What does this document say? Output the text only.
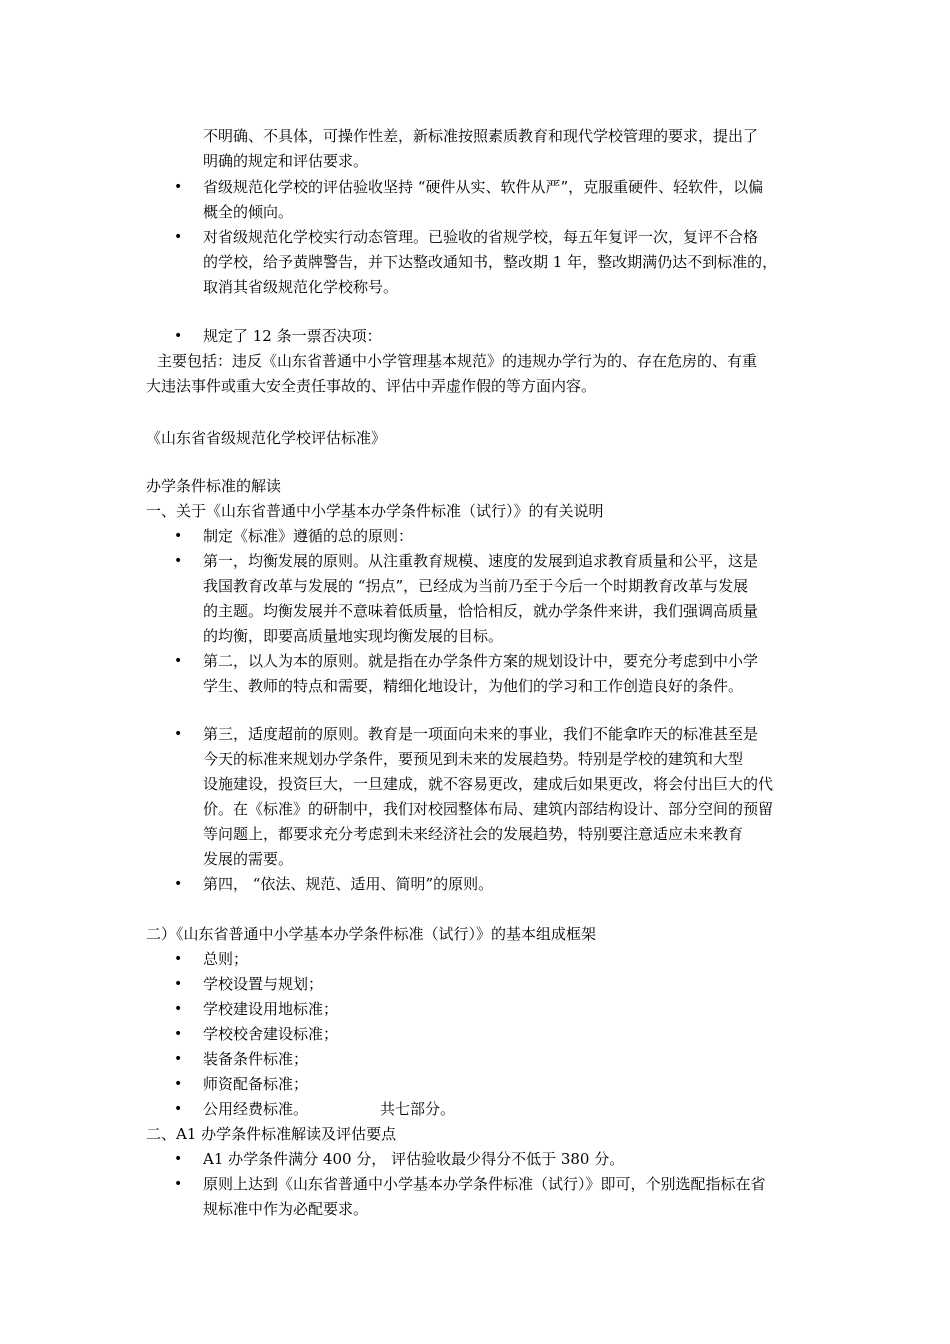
不明确、不具体，可操作性差，新标准按照素质教育和现代学校管理的要求，提出了
明确的规定和评估要求。
• 省级规范化学校的评估验收坚持 “硬件从实、软件从严”，克服重硬件、轻软件，以偏
概全的倾向。
• 对省级规范化学校实行动态管理。已验收的省规学校，每五年复评一次，复评不合格
的学校，给予黄牌警告，并下达整改通知书，整改期 1 年，整改期满仍达不到标准的，
取消其省级规范化学校称号。
• 规定了 12 条一票否决项：
主要包括：违反《山东省普通中小学管理基本规范》的违规办学行为的、存在危房的、有重
大违法事件或重大安全责任事故的、评估中弄虚作假的等方面内容。
《山东省省级规范化学校评估标准》
办学条件标准的解读
一、关于《山东省普通中小学基本办学条件标准（试行）》的有关说明
• 制定《标准》遵循的总的原则：
• 第一，均衡发展的原则。从注重教育规模、速度的发展到追求教育质量和公平，这是
我国教育改革与发展的 “拐点”，已经成为当前乃至于今后一个时期教育改革与发展
的主题。均衡发展并不意味着低质量，恰恰相反，就办学条件来讲，我们强调高质量
的均衡，即要高质量地实现均衡发展的目标。
• 第二，以人为本的原则。就是指在办学条件方案的规划设计中，要充分考虑到中小学
学生、教师的特点和需要，精细化地设计，为他们的学习和工作创造良好的条件。
• 第三，适度超前的原则。教育是一项面向未来的事业，我们不能拿昨天的标准甚至是
今天的标准来规划办学条件，要预见到未来的发展趋势。特别是学校的建筑和大型
设施建设，投资巨大，一旦建成，就不容易更改，建成后如果更改，将会付出巨大的代
价。在《标准》的研制中，我们对校园整体布局、建筑内部结构设计、部分空间的预留
等问题上，都要求充分考虑到未来经济社会的发展趋势，特别要注意适应未来教育
发展的需要。
• 第四， “依法、规范、适用、简明”的原则。
二）《山东省普通中小学基本办学条件标准（试行）》的基本组成框架
• 总则；
• 学校设置与规划；
• 学校建设用地标准；
• 学校校舍建设标准；
• 装备条件标准；
• 师资配备标准；
• 公用经费标准。	共七部分。
二、A1 办学条件标准解读及评估要点
• A1 办学条件满分 400 分， 评估验收最少得分不低于 380 分。
• 原则上达到《山东省普通中小学基本办学条件标准（试行）》即可，个别选配指标在省
规标准中作为必配要求。
